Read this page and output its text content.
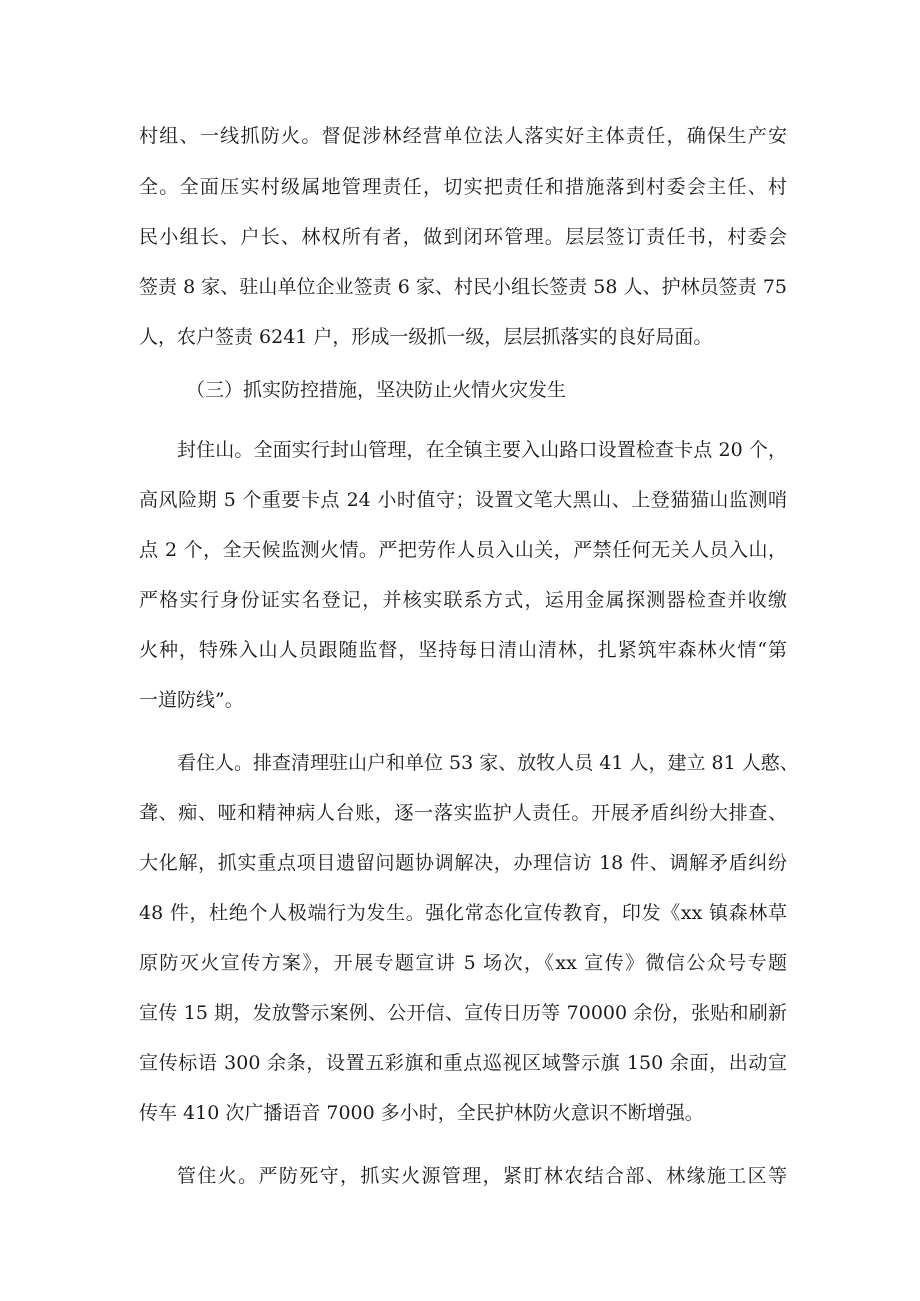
村组、一线抓防火。督促涉林经营单位法人落实好主体责任，确保生产安
全。全面压实村级属地管理责任，切实把责任和措施落到村委会主任、村
民小组长、户长、林权所有者，做到闭环管理。层层签订责任书，村委会
签责 8 家、驻山单位企业签责 6 家、村民小组长签责 58 人、护林员签责 75
人，农户签责 6241 户，形成一级抓一级，层层抓落实的良好局面。
（三）抓实防控措施，坚决防止火情火灾发生
封住山。全面实行封山管理，在全镇主要入山路口设置检查卡点 20 个，
高风险期 5 个重要卡点 24 小时值守；设置文笔大黑山、上登猫猫山监测哨
点 2 个，全天候监测火情。严把劳作人员入山关，严禁任何无关人员入山，
严格实行身份证实名登记，并核实联系方式，运用金属探测器检查并收缴
火种，特殊入山人员跟随监督，坚持每日清山清林，扎紧筑牢森林火情“第
一道防线”。
看住人。排查清理驻山户和单位 53 家、放牧人员 41 人，建立 81 人憨、
聋、痴、哑和精神病人台账，逐一落实监护人责任。开展矛盾纠纷大排查、
大化解，抓实重点项目遗留问题协调解决，办理信访 18 件、调解矛盾纠纷
48 件，杜绝个人极端行为发生。强化常态化宣传教育，印发《xx 镇森林草
原防灭火宣传方案》，开展专题宣讲 5 场次，《xx 宣传》微信公众号专题
宣传 15 期，发放警示案例、公开信、宣传日历等 70000 余份，张贴和刷新
宣传标语 300 余条，设置五彩旗和重点巡视区域警示旗 150 余面，出动宣
传车 410 次广播语音 7000 多小时，全民护林防火意识不断增强。
管住火。严防死守，抓实火源管理，紧盯林农结合部、林缘施工区等
